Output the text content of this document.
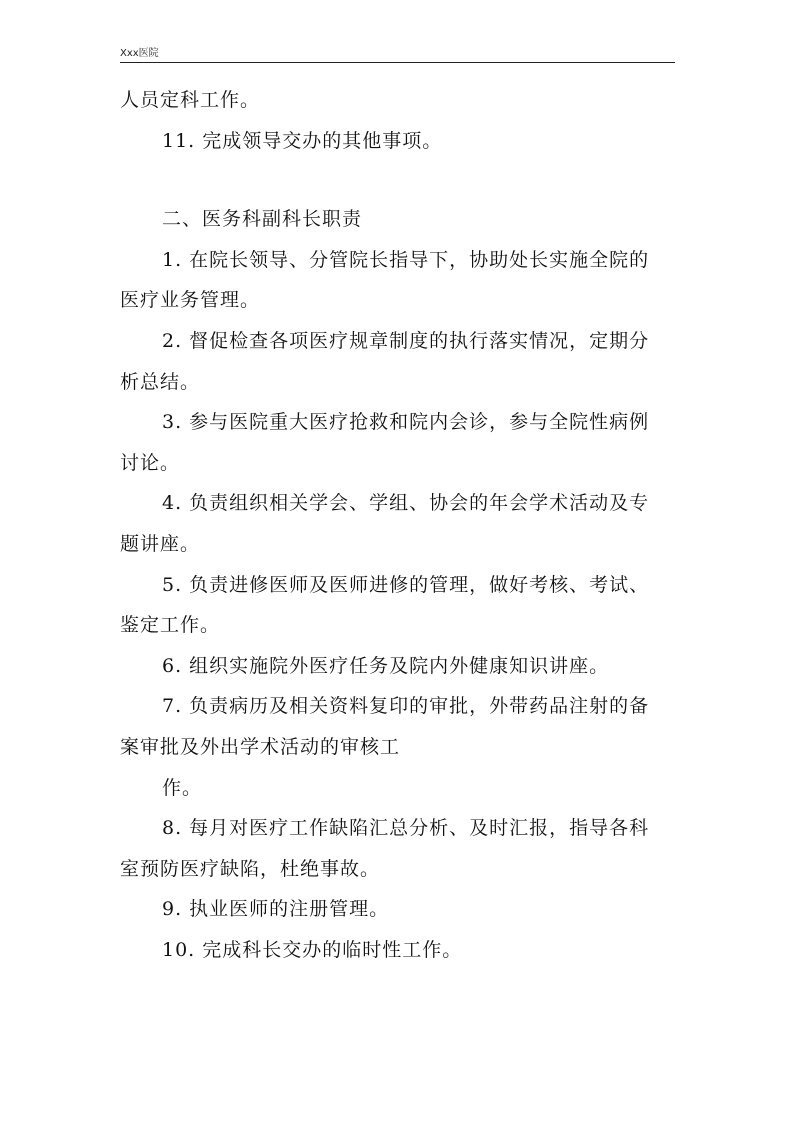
Xxx医院

人员定科工作。

11. 完成领导交办的其他事项。

二、医务科副科长职责

1. 在院长领导、分管院长指导下，协助处长实施全院的

医疗业务管理。

2. 督促检查各项医疗规章制度的执行落实情况，定期分

析总结。

3. 参与医院重大医疗抢救和院内会诊，参与全院性病例

讨论。

4. 负责组织相关学会、学组、协会的年会学术活动及专

题讲座。

5. 负责进修医师及医师进修的管理，做好考核、考试、

鉴定工作。

6. 组织实施院外医疗任务及院内外健康知识讲座。

7. 负责病历及相关资料复印的审批，外带药品注射的备

案审批及外出学术活动的审核工

作。

8. 每月对医疗工作缺陷汇总分析、及时汇报，指导各科

室预防医疗缺陷，杜绝事故。

9. 执业医师的注册管理。

10. 完成科长交办的临时性工作。
